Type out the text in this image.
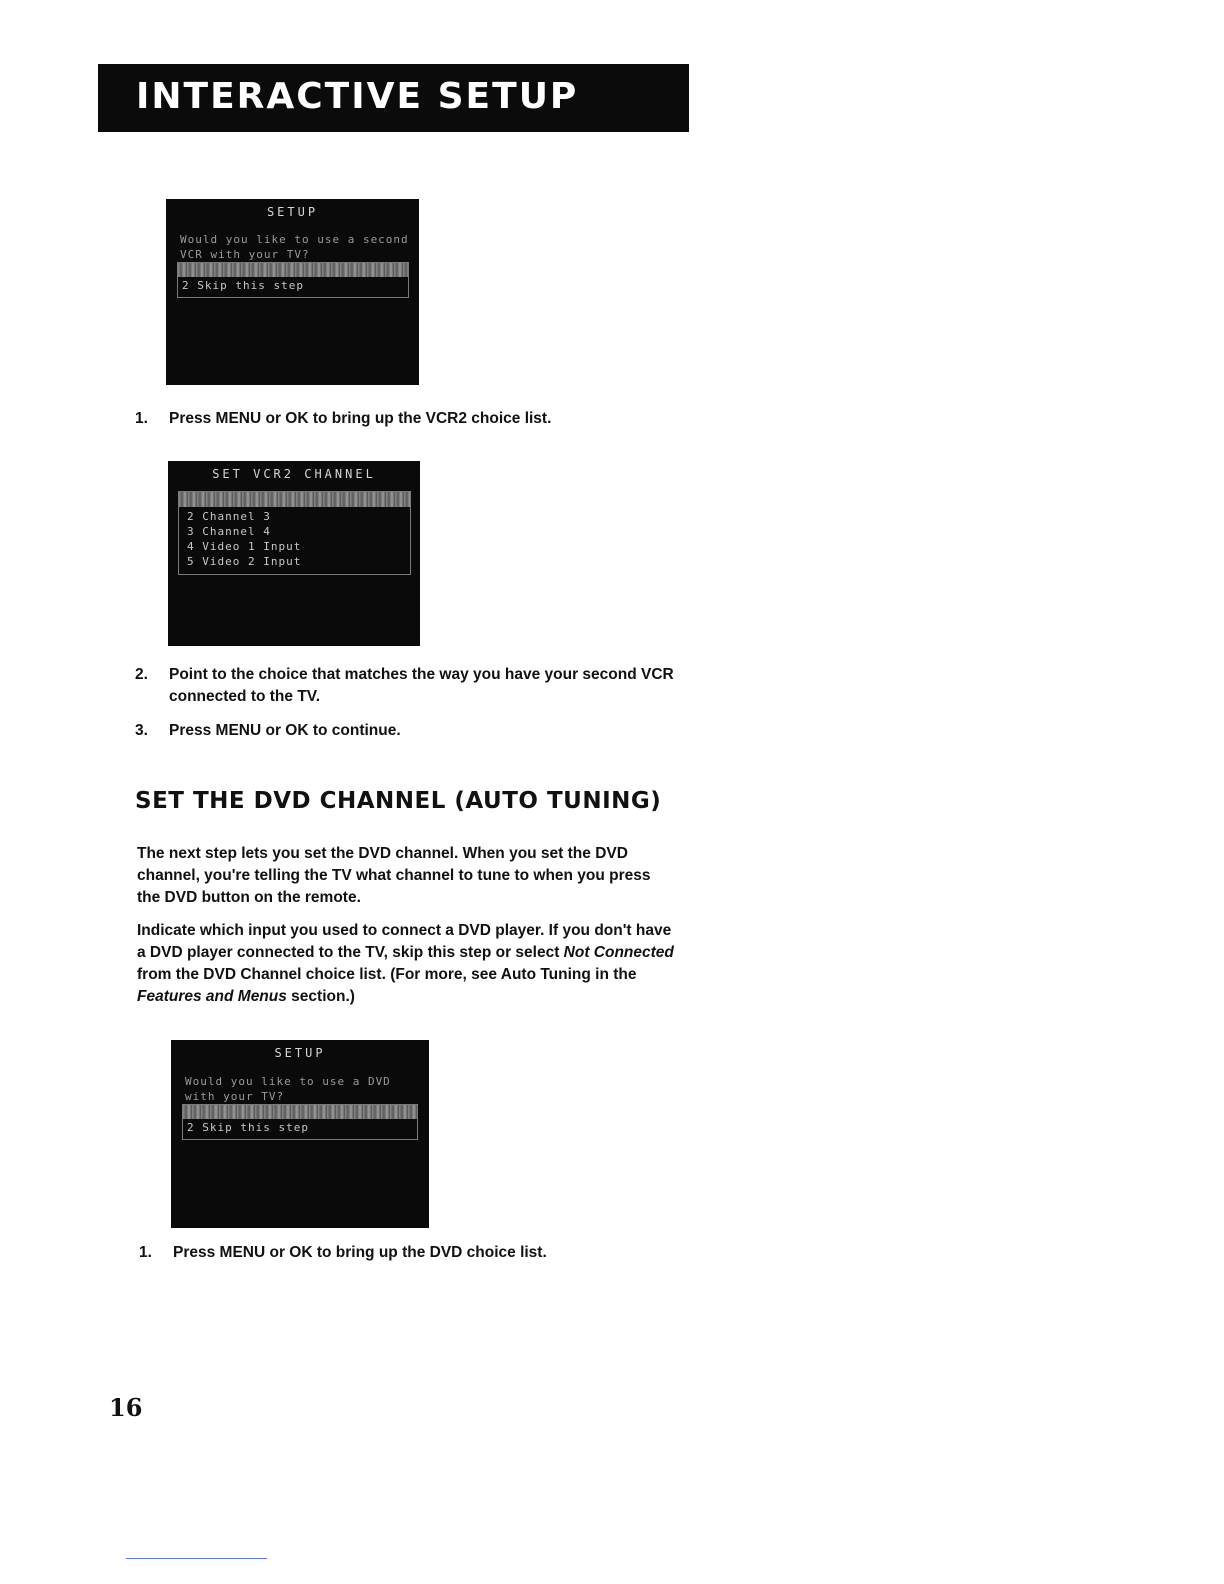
INTERACTIVE SETUP
SETUP
Would you like to use a second
VCR with your TV?
2 Skip this step
1. Press MENU or OK to bring up the VCR2 choice list.
SET VCR2 CHANNEL
2 Channel 3
3 Channel 4
4 Video 1 Input
5 Video 2 Input
2. Point to the choice that matches the way you have your second VCR
connected to the TV.
3. Press MENU or OK to continue.
SET THE DVD CHANNEL (AUTO TUNING)
The next step lets you set the DVD channel. When you set the DVD
channel, you're telling the TV what channel to tune to when you press
the DVD button on the remote.
Indicate which input you used to connect a DVD player. If you don't have
a DVD player connected to the TV, skip this step or select Not Connected
from the DVD Channel choice list. (For more, see Auto Tuning in the
Features and Menus section.)
SETUP
Would you like to use a DVD
with your TV?
2 Skip this step
1. Press MENU or OK to bring up the DVD choice list.
16
